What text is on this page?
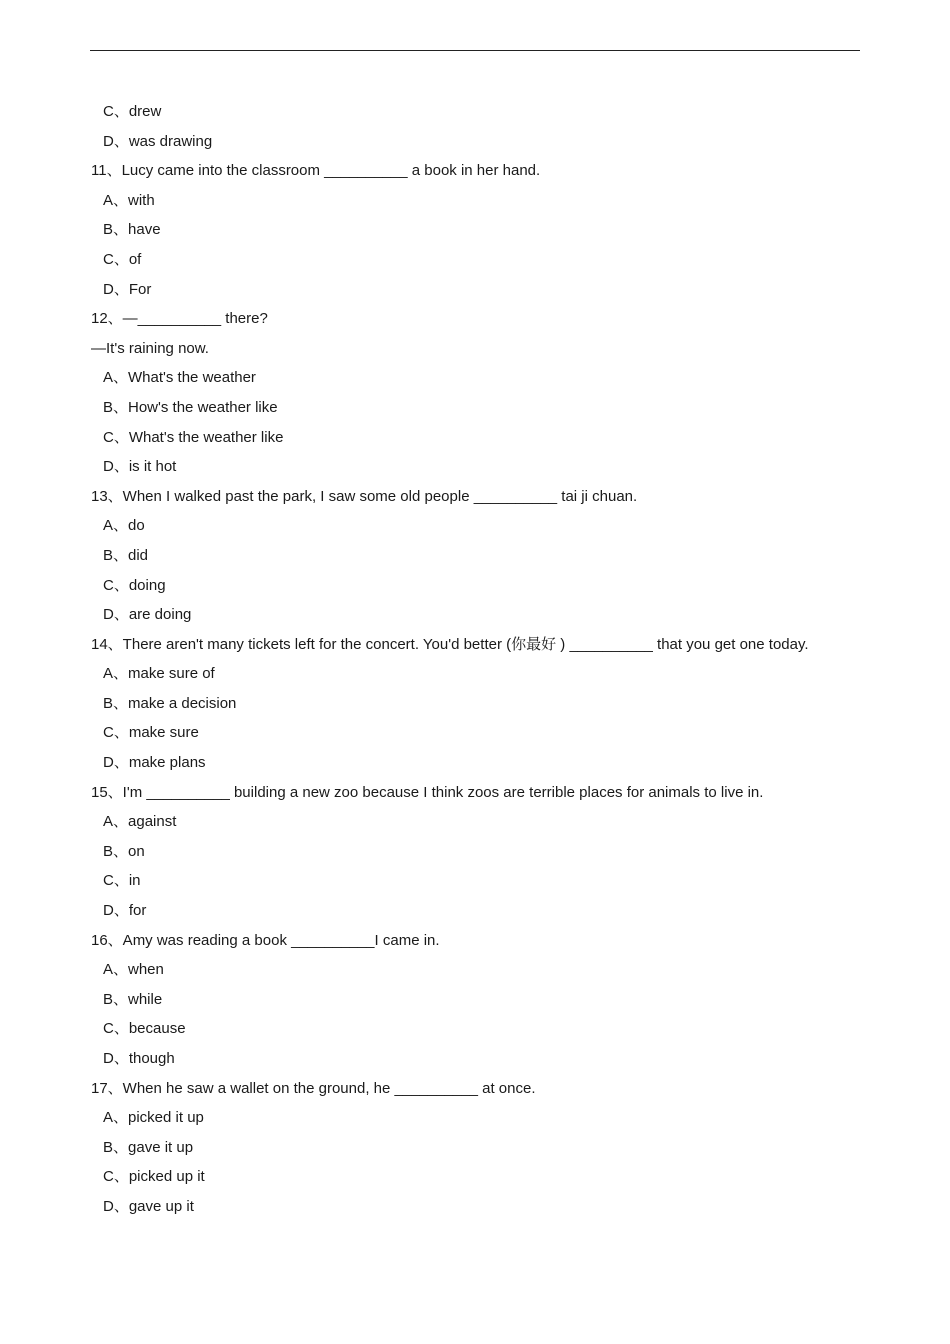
C、drew
D、was drawing
11、Lucy came into the classroom __________ a book in her hand.
A、with
B、have
C、of
D、For
12、—__________ there?
—It's raining now.
A、What's the weather
B、How's the weather like
C、What's the weather like
D、is it hot
13、When I walked past the park, I saw some old people __________ tai ji chuan.
A、do
B、did
C、doing
D、are doing
14、There aren't many tickets left for the concert. You'd better (你最好 ) __________ that you get one today.
A、make sure of
B、make a decision
C、make sure
D、make plans
15、I'm __________ building a new zoo because I think zoos are terrible places for animals to live in.
A、against
B、on
C、in
D、for
16、Amy was reading a book __________I came in.
A、when
B、while
C、because
D、though
17、When he saw a wallet on the ground, he __________ at once.
A、picked it up
B、gave it up
C、picked up it
D、gave up it
